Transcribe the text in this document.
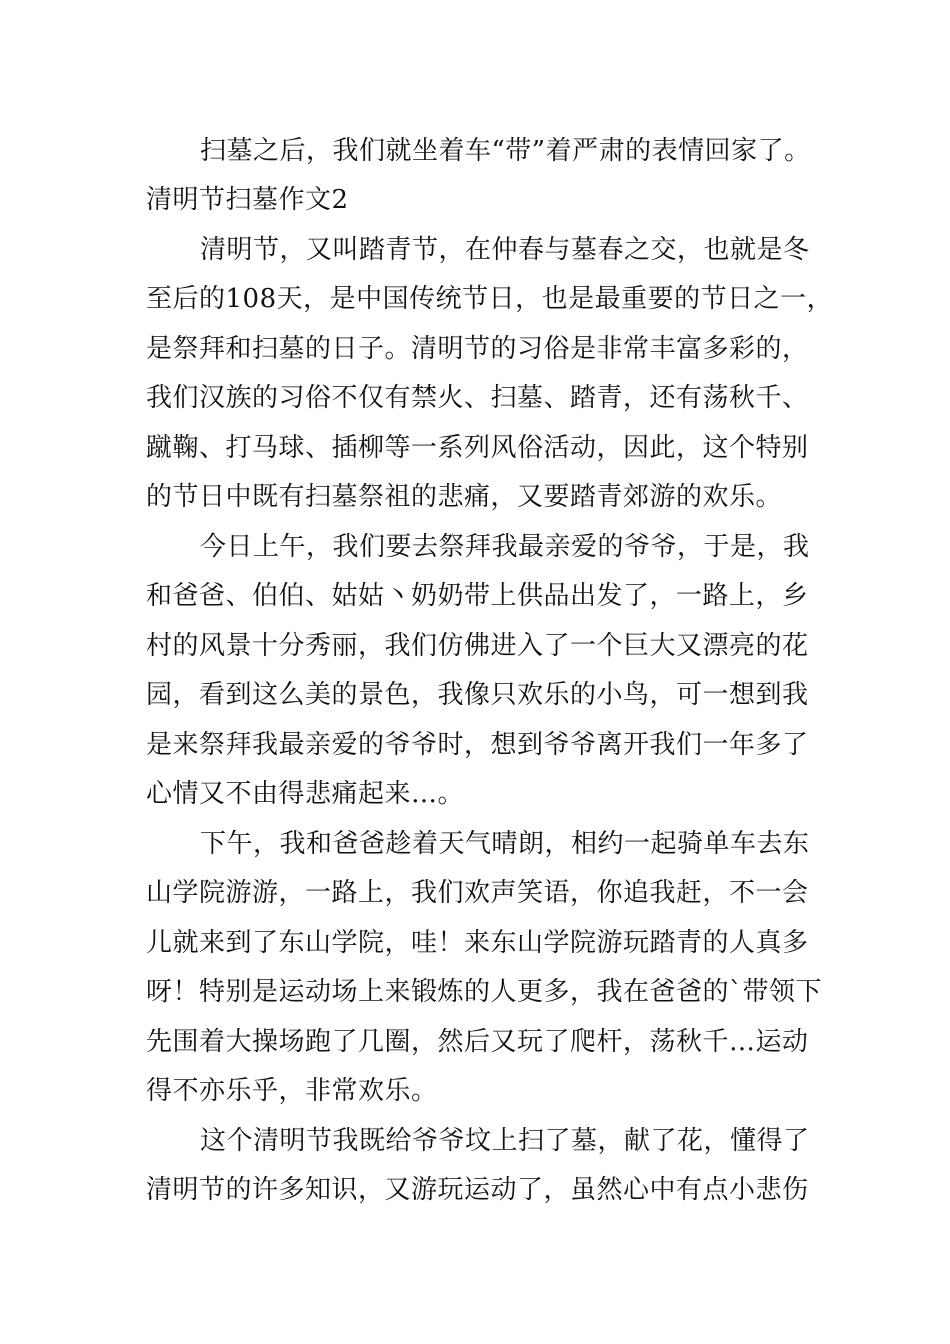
扫墓之后，我们就坐着车“带”着严肃的表情回家了。
清明节扫墓作文2
清明节，又叫踏青节，在仲春与墓春之交，也就是冬
至后的108天，是中国传统节日，也是最重要的节日之一，
是祭拜和扫墓的日子。清明节的习俗是非常丰富多彩的，
我们汉族的习俗不仅有禁火、扫墓、踏青，还有荡秋千、
蹴鞠、打马球、插柳等一系列风俗活动，因此，这个特别
的节日中既有扫墓祭祖的悲痛，又要踏青郊游的欢乐。
今日上午，我们要去祭拜我最亲爱的爷爷，于是，我
和爸爸、伯伯、姑姑丶奶奶带上供品出发了，一路上，乡
村的风景十分秀丽，我们仿佛进入了一个巨大又漂亮的花
园，看到这么美的景色，我像只欢乐的小鸟，可一想到我
是来祭拜我最亲爱的爷爷时，想到爷爷离开我们一年多了
心情又不由得悲痛起来…。
下午，我和爸爸趁着天气晴朗，相约一起骑单车去东
山学院游游，一路上，我们欢声笑语，你追我赶，不一会
儿就来到了东山学院，哇！来东山学院游玩踏青的人真多
呀！特别是运动场上来锻炼的人更多，我在爸爸的`带领下
先围着大操场跑了几圈，然后又玩了爬杆，荡秋千…运动
得不亦乐乎，非常欢乐。
这个清明节我既给爷爷坟上扫了墓，献了花，懂得了
清明节的许多知识，又游玩运动了，虽然心中有点小悲伤
